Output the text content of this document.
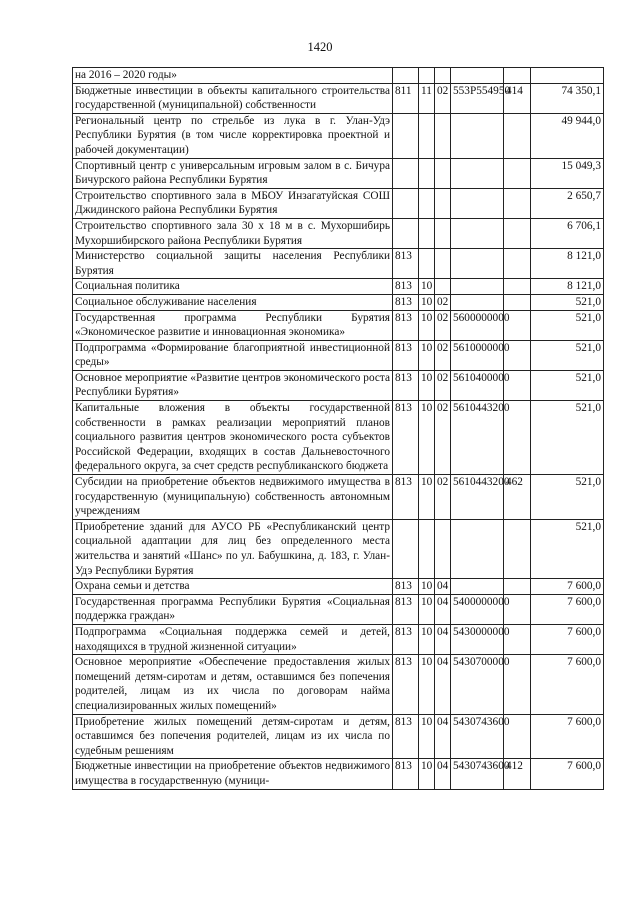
1420
на 2016 – 2020 годы»						
Бюджетные инвестиции в объекты капитального строительства государственной (муниципальной) собственности	811	11	02	553P554950	414	74 350,1
Региональный центр по стрельбе из лука в г. Улан-Удэ Республики Бурятия (в том числе корректировка проектной и рабочей документации)						49 944,0
Спортивный центр с универсальным игровым залом в с. Бичура Бичурского района Республики Бурятия						15 049,3
Строительство спортивного зала в МБОУ Инзагатуйская СОШ Джидинского района Республики Бурятия						2 650,7
Строительство спортивного зала 30 х 18 м в с. Мухоршибирь Мухоршибирского района Республики Бурятия						6 706,1
Министерство социальной защиты населения Республики Бурятия	813					8 121,0
Социальная политика	813	10				8 121,0
Социальное обслуживание населения	813	10	02			521,0
Государственная программа Республики Бурятия «Экономическое развитие и инновационная экономика»	813	10	02	5600000000		521,0
Подпрограмма «Формирование благоприятной инвестиционной среды»	813	10	02	5610000000		521,0
Основное мероприятие «Развитие центров экономического роста Республики Бурятия»	813	10	02	5610400000		521,0
Капитальные вложения в объекты государственной собственности в рамках реализации мероприятий планов социального развития центров экономического роста субъектов Российской Федерации, входящих в состав Дальневосточного федерального округа, за счет средств республиканского бюджета	813	10	02	5610443200		521,0
Субсидии на приобретение объектов недвижимого имущества в государственную (муниципальную) собственность автономным учреждениям	813	10	02	5610443200	462	521,0
Приобретение зданий для АУСО РБ «Республиканский центр социальной адаптации для лиц без определенного места жительства и занятий «Шанс» по ул. Бабушкина, д. 183, г. Улан-Удэ Республики Бурятия						521,0
Охрана семьи и детства	813	10	04			7 600,0
Государственная программа Республики Бурятия «Социальная поддержка граждан»	813	10	04	5400000000		7 600,0
Подпрограмма «Социальная поддержка семей и детей, находящихся в трудной жизненной ситуации»	813	10	04	5430000000		7 600,0
Основное мероприятие «Обеспечение предоставления жилых помещений детям-сиротам и детям, оставшимся без попечения родителей, лицам из их числа по договорам найма специализированных жилых помещений»	813	10	04	5430700000		7 600,0
Приобретение жилых помещений детям-сиротам и детям, оставшимся без попечения родителей, лицам из их числа по судебным решениям	813	10	04	5430743600		7 600,0
Бюджетные инвестиции на приобретение объектов недвижимого имущества в государственную (муници-	813	10	04	5430743600	412	7 600,0
